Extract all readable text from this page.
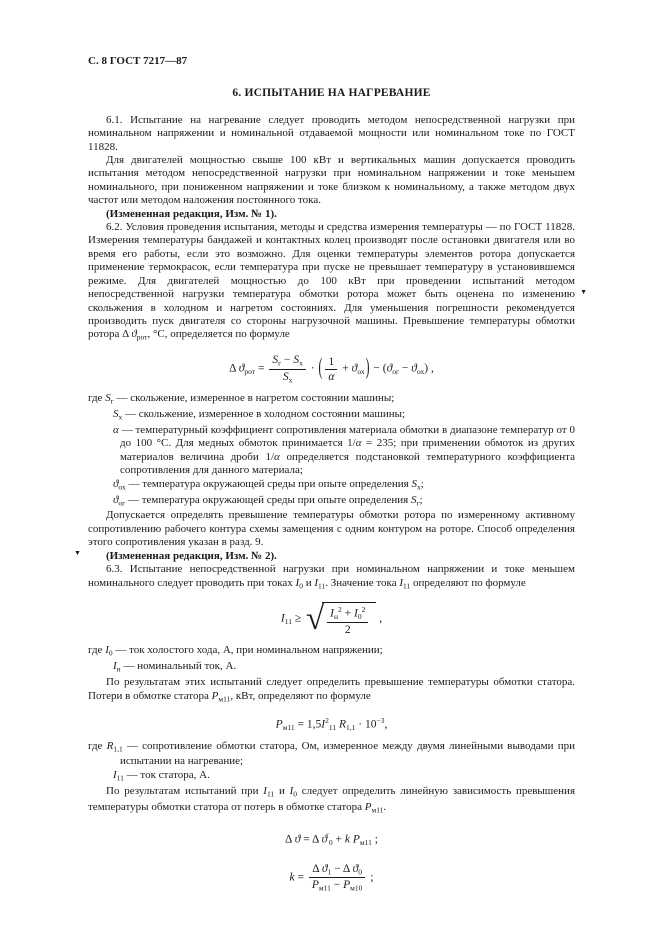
С. 8 ГОСТ 7217—87
6. ИСПЫТАНИЕ НА НАГРЕВАНИЕ

6.1. Испытание на нагревание следует проводить методом непосредственной нагрузки при номинальном напряжении и номинальной отдаваемой мощности или номинальном токе по ГОСТ 11828.

Для двигателей мощностью свыше 100 кВт и вертикальных машин допускается проводить испытания методом непосредственной нагрузки при номинальном напряжении и токе меньшем номинального, при пониженном напряжении и токе близком к номинальному, а также методом двух частот или методом наложения постоянного тока.

(Измененная редакция, Изм. № 1).

6.2. Условия проведения испытания, методы и средства измерения температуры — по ГОСТ 11828. Измерения температуры бандажей и контактных колец производят после остановки двигателя или во время его работы, если это возможно. Для оценки температуры элементов ротора допускается применение термокрасок, если температура при пуске не превышает температуру в установившемся режиме. Для двигателей мощностью до 100 кВт при проведении испытаний методом непосредственной нагрузки температура обмотки ротора может быть оценена по изменению скольжения в холодном и нагретом состояниях. Для уменьшения погрешности рекомендуется производить пуск двигателя со стороны нагрузочной машины. Превышение температуры обмотки ротора Δ $ϑ_{рот}$, °С, определяется по формуле

Δ $ϑ_{рот} = \frac{S_г - S_х}{S_х}$ · ( $\frac{1}{\alpha} + ϑ_{ох}) - (ϑ_{ог} - ϑ_{ох})$ ,
где $S_г$ — скольжение, измеренное в нагретом состоянии машины;
$S_х$ — скольжение, измеренное в холодном состоянии машины;
α — температурный коэффициент сопротивления материала обмотки в диапазоне температур от 0 до 100 °С. Для медных обмоток принимается 1/α = 235; при применении обмоток из других материалов величина дроби 1/α определяется подстановкой температурного коэффициента сопротивления для данного материала;
$ϑ_{ох}$ — температура окружающей среды при опыте определения $S_х$;
$ϑ_{ог}$ — температура окружающей среды при опыте определения $S_г$;

Допускается определять превышение температуры обмотки ротора по измеренному активному сопротивлению рабочего контура схемы замещения с одним контуром на роторе. Способ определения этого сопротивления указан в разд. 9.

(Измененная редакция, Изм. № 2).

6.3. Испытание непосредственной нагрузки при номинальном напряжении и токе меньшем номинального следует проводить при токах $I_0$ и $I_{11}$. Значение тока $I_{11}$ определяют по формуле

$I_{11}$ ≥ √ $\frac{I_н^2 + I_0^2}{2}$ ,
где $I_0$ — ток холостого хода, А, при номинальном напряжении;
$I_н$ — номинальный ток, А.

По результатам этих испытаний следует определить превышение температуры обмотки статора. Потери в обмотке статора $P_{м11}$, кВт, определяют по формуле

$P_{м11} = 1,5I^2_{11}$ $R_{1,1} \cdot 10^{-3}$,
где $R_{1,1}$ — сопротивление обмотки статора, Ом, измеренное между двумя линейными выводами при испытании на нагревание;
$I_{11}$ — ток статора, А.

По результатам испытаний при $I_{11}$ и $I_0$ следует определить линейную зависимость превышения температуры обмотки статора от потерь в обмотке статора $P_{м11}$.

Δ ϑ = Δ $ϑ'_0 + k$ $P_{м11}$ ;
$k = \frac{\Delta ϑ_1 - \Delta ϑ_0}{P_{м11} - P_{м10}}$ ;
▼
▼
